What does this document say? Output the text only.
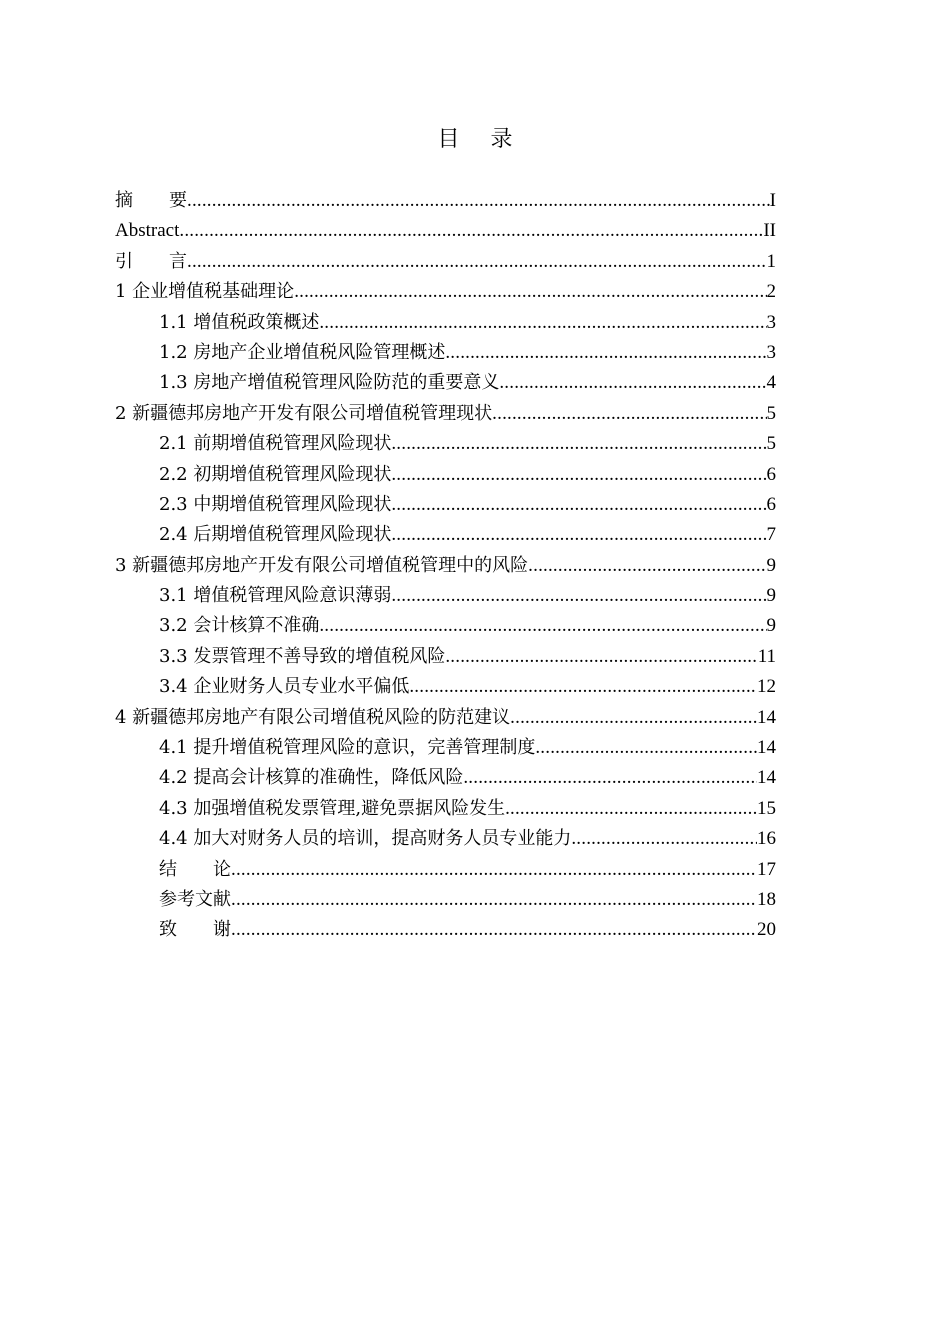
目 录
摘　　要 .....	I
Abstract .....	II
引　　言 .....	1
1 企业增值税基础理论 .....	2
1.1 增值税政策概述 .....	3
1.2 房地产企业增值税风险管理概述 .....	3
1.3 房地产增值税管理风险防范的重要意义 .....	4
2 新疆德邦房地产开发有限公司增值税管理现状 .....	5
2.1 前期增值税管理风险现状 .....	5
2.2 初期增值税管理风险现状 .....	6
2.3 中期增值税管理风险现状 .....	6
2.4 后期增值税管理风险现状 .....	7
3 新疆德邦房地产开发有限公司增值税管理中的风险 .....	9
3.1 增值税管理风险意识薄弱 .....	9
3.2 会计核算不准确 .....	9
3.3 发票管理不善导致的增值税风险 .....	11
3.4 企业财务人员专业水平偏低 .....	12
4 新疆德邦房地产有限公司增值税风险的防范建议 .....	14
4.1 提升增值税管理风险的意识，完善管理制度 .....	14
4.2 提高会计核算的准确性，降低风险 .....	14
4.3 加强增值税发票管理,避免票据风险发生 .....	15
4.4 加大对财务人员的培训，提高财务人员专业能力 .....	16
结　　论 .....	17
参考文献 .....	18
致　　谢 .....	20
